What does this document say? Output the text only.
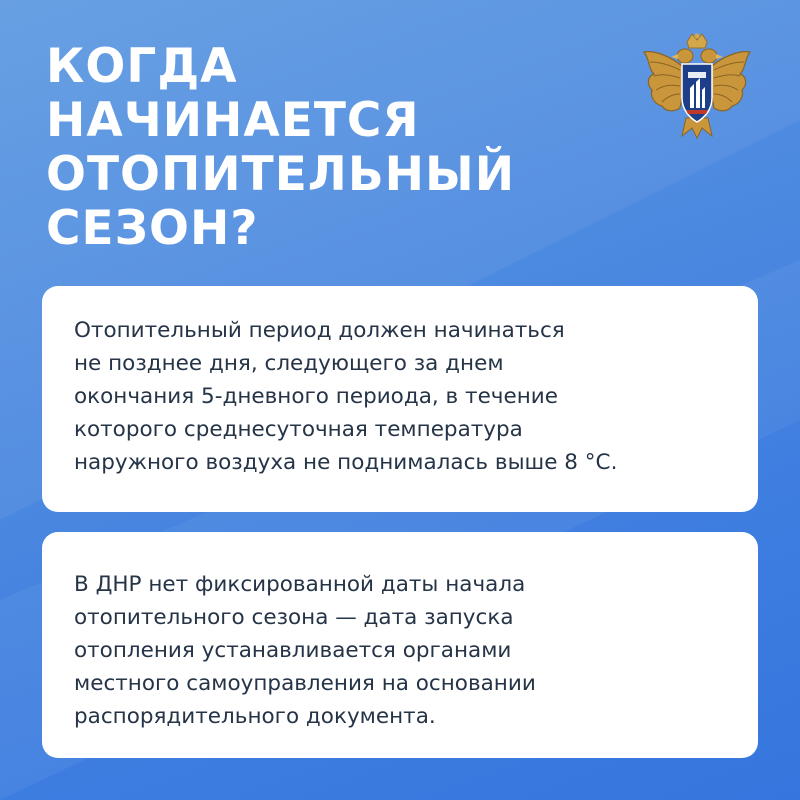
КОГДА
НАЧИНАЕТСЯ
ОТОПИТЕЛЬНЫЙ
СЕЗОН?
Отопительный период должен начинаться
не позднее дня, следующего за днем
окончания 5-дневного периода, в течение
которого среднесуточная температура
наружного воздуха не поднималась выше 8 °С.
В ДНР нет фиксированной даты начала
отопительного сезона — дата запуска
отопления устанавливается органами
местного самоуправления на основании
распорядительного документа.
